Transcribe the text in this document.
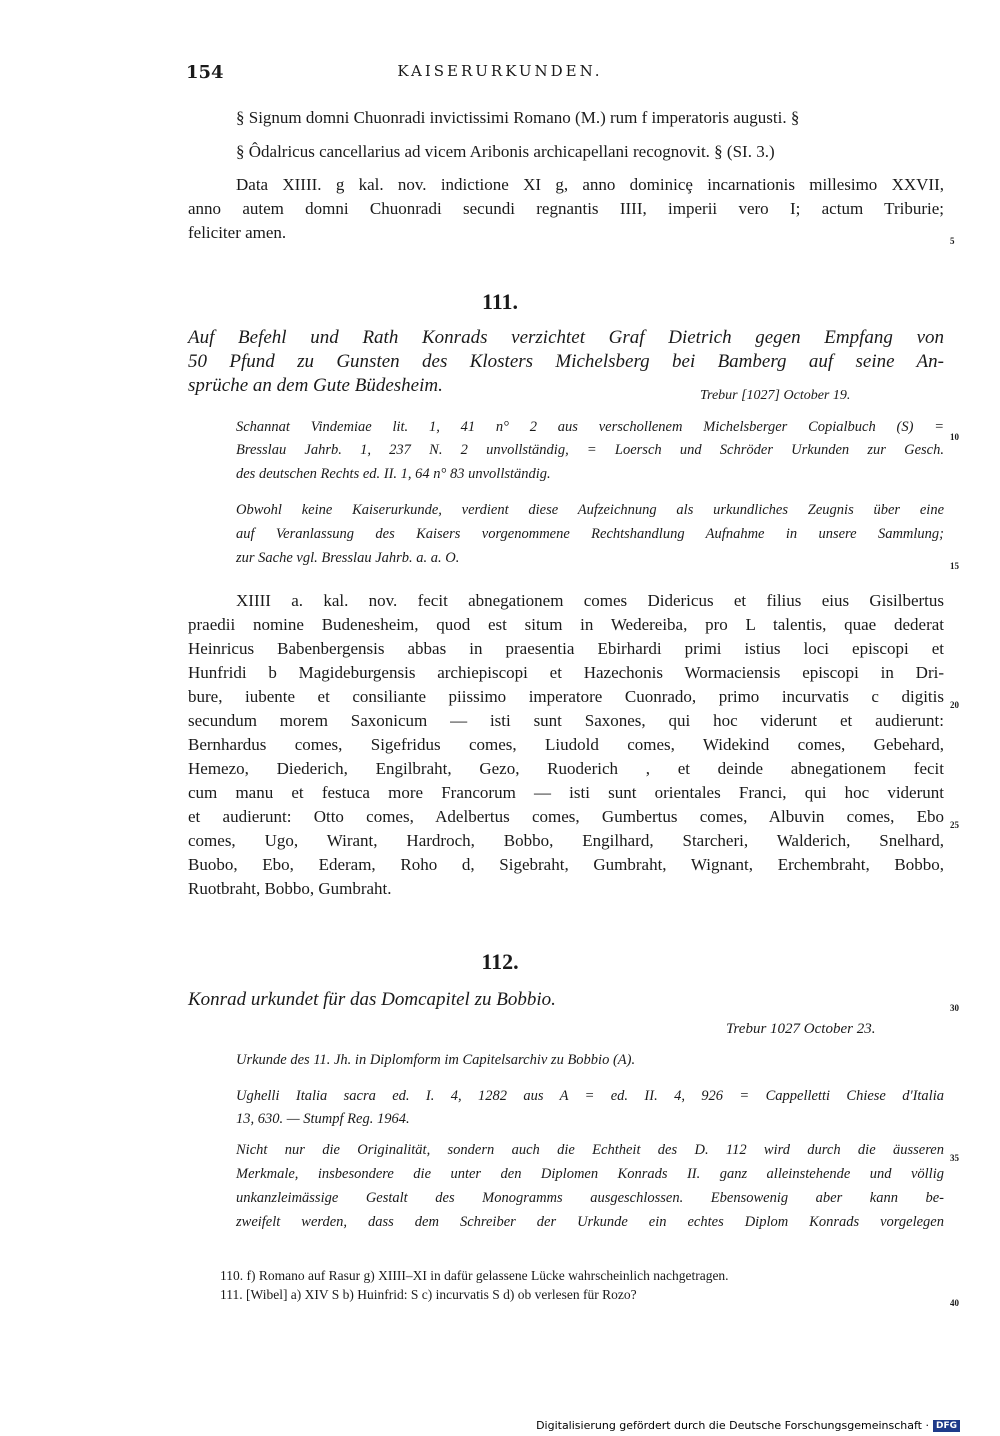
154	KAISERURKUNDEN.
§ Signum domni Chuonradi invictissimi Romano (M.) rum f imperatoris augusti. §
§ Ôdalricus cancellarius ad vicem Aribonis archicapellani recognovit. § (SI. 3.)
Data XIIII. g kal. nov. indictione XI g, anno dominicȩ incarnationis millesimo XXVII,
anno autem domni Chuonradi secundi regnantis IIII, imperii vero I; actum Triburie;
feliciter amen.	5
111.
Auf Befehl und Rath Konrads verzichtet Graf Dietrich gegen Empfang von
50 Pfund zu Gunsten des Klosters Michelsberg bei Bamberg auf seine An-
sprüche an dem Gute Büdesheim.	Trebur [1027] October 19.
Schannat Vindemiae lit. 1, 41 n° 2 aus verschollenem Michelsberger Copialbuch (S) =
Bresslau Jahrb. 1, 237 N. 2 unvollständig, = Loersch und Schröder Urkunden zur Gesch.
des deutschen Rechts ed. II. 1, 64 n° 83 unvollständig.
10
Obwohl keine Kaiserurkunde, verdient diese Aufzeichnung als urkundliches Zeugnis über eine
auf Veranlassung des Kaisers vorgenommene Rechtshandlung Aufnahme in unsere Sammlung;
zur Sache vgl. Bresslau Jahrb. a. a. O.	15
XIIII a. kal. nov. fecit abnegationem comes Didericus et filius eius Gisilbertus
praedii nomine Budenesheim, quod est situm in Wedereiba, pro L talentis, quae dederat
Heinricus Babenbergensis abbas in praesentia Ebirhardi primi istius loci episcopi et
Hunfridi b Magideburgensis archiepiscopi et Hazechonis Wormaciensis episcopi in Dri-
bure, iubente et consiliante piissimo imperatore Cuonrado, primo incurvatis c digitis 20
secundum morem Saxonicum — isti sunt Saxones, qui hoc viderunt et audierunt:
Bernhardus comes, Sigefridus comes, Liudold comes, Widekind comes, Gebehard,
Hemezo, Diederich, Engilbraht, Gezo, Ruoderich , et deinde abnegationem fecit
cum manu et festuca more Francorum — isti sunt orientales Franci, qui hoc viderunt
et audierunt: Otto comes, Adelbertus comes, Gumbertus comes, Albuvin comes, Ebo 25
comes, Ugo, Wirant, Hardroch, Bobbo, Engilhard, Starcheri, Walderich, Snelhard,
Buobo, Ebo, Ederam, Roho d, Sigebraht, Gumbraht, Wignant, Erchembraht, Bobbo,
Ruotbraht, Bobbo, Gumbraht.
112.
Konrad urkundet für das Domcapitel zu Bobbio.	30
Trebur 1027 October 23.
Urkunde des 11. Jh. in Diplomform im Capitelsarchiv zu Bobbio (A).
Ughelli Italia sacra ed. I. 4, 1282 aus A = ed. II. 4, 926 = Cappelletti Chiese d'Italia
13, 630. — Stumpf Reg. 1964.
Nicht nur die Originalität, sondern auch die Echtheit des D. 112 wird durch die äusseren 35
Merkmale, insbesondere die unter den Diplomen Konrads II. ganz alleinstehende und völlig
unkanzleimässige Gestalt des Monogramms ausgeschlossen. Ebensowenig aber kann be-
zweifelt werden, dass dem Schreiber der Urkunde ein echtes Diplom Konrads vorgelegen
110. f) Romano auf Rasur g) XIIII–XI in dafür gelassene Lücke wahrscheinlich nachgetragen.
111. [Wibel] a) XIV S b) Huinfrid: S c) incurvatis S d) ob verlesen für Rozo?
40
Digitalisierung gefördert durch die Deutsche Forschungsgemeinschaft · DFG
